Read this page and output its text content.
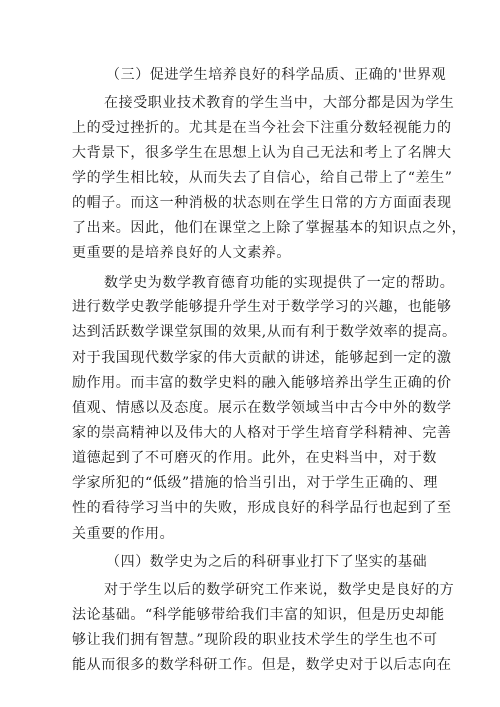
（三）促进学生培养良好的科学品质、正确的'世界观
在接受职业技术教育的学生当中，大部分都是因为学生
上的受过挫折的。尤其是在当今社会下注重分数轻视能力的
大背景下，很多学生在思想上认为自己无法和考上了名牌大
学的学生相比较，从而失去了自信心，给自己带上了“差生”
的帽子。而这一种消极的状态则在学生日常的方方面面表现
了出来。因此，他们在课堂之上除了掌握基本的知识点之外，
更重要的是培养良好的人文素养。
数学史为数学教育德育功能的实现提供了一定的帮助。
进行数学史教学能够提升学生对于数学学习的兴趣，也能够
达到活跃数学课堂氛围的效果,从而有利于数学效率的提高。
对于我国现代数学家的伟大贡献的讲述，能够起到一定的激
励作用。而丰富的数学史料的融入能够培养出学生正确的价
值观、情感以及态度。展示在数学领域当中古今中外的数学
家的崇高精神以及伟大的人格对于学生培育学科精神、完善
道德起到了不可磨灭的作用。此外，在史料当中，对于数
学家所犯的“低级”措施的恰当引出，对于学生正确的、理
性的看待学习当中的失败，形成良好的科学品行也起到了至
关重要的作用。
（四）数学史为之后的科研事业打下了坚实的基础
对于学生以后的数学研究工作来说，数学史是良好的方
法论基础。“科学能够带给我们丰富的知识，但是历史却能
够让我们拥有智慧。”现阶段的职业技术学生的学生也不可
能从而很多的数学科研工作。但是，数学史对于以后志向在
